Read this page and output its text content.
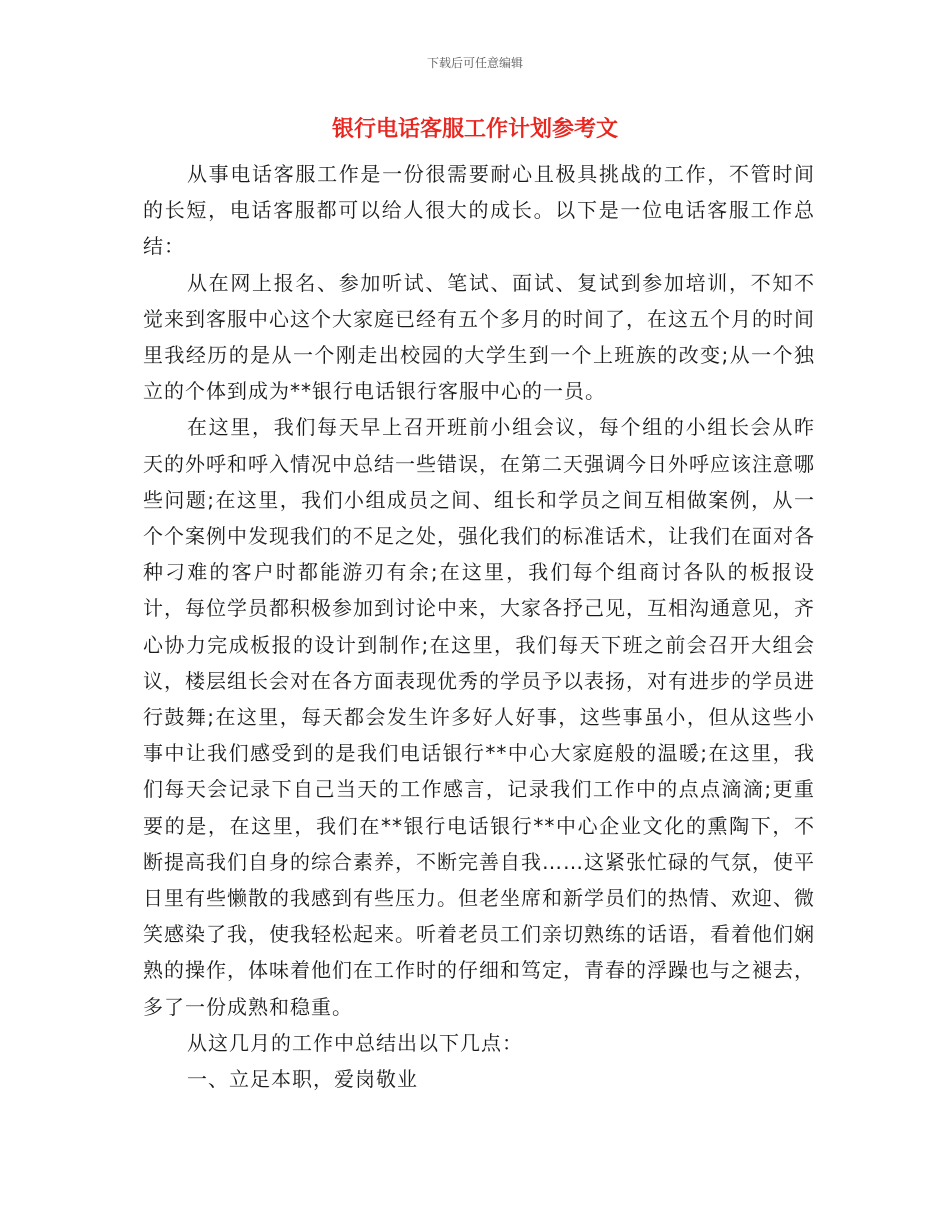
下载后可任意编辑
银行电话客服工作计划参考文

从事电话客服工作是一份很需要耐心且极具挑战的工作，不管时间的长短，电话客服都可以给人很大的成长。以下是一位电话客服工作总结：

从在网上报名、参加听试、笔试、面试、复试到参加培训，不知不觉来到客服中心这个大家庭已经有五个多月的时间了，在这五个月的时间里我经历的是从一个刚走出校园的大学生到一个上班族的改变;从一个独立的个体到成为**银行电话银行客服中心的一员。

在这里，我们每天早上召开班前小组会议，每个组的小组长会从昨天的外呼和呼入情况中总结一些错误，在第二天强调今日外呼应该注意哪些问题;在这里，我们小组成员之间、组长和学员之间互相做案例，从一个个案例中发现我们的不足之处，强化我们的标准话术，让我们在面对各种刁难的客户时都能游刃有余;在这里，我们每个组商讨各队的板报设计，每位学员都积极参加到讨论中来，大家各抒己见，互相沟通意见，齐心协力完成板报的设计到制作;在这里，我们每天下班之前会召开大组会议，楼层组长会对在各方面表现优秀的学员予以表扬，对有进步的学员进行鼓舞;在这里，每天都会发生许多好人好事，这些事虽小，但从这些小事中让我们感受到的是我们电话银行**中心大家庭般的温暖;在这里，我们每天会记录下自己当天的工作感言，记录我们工作中的点点滴滴;更重要的是，在这里，我们在**银行电话银行**中心企业文化的熏陶下，不断提高我们自身的综合素养，不断完善自我……这紧张忙碌的气氛，使平日里有些懒散的我感到有些压力。但老坐席和新学员们的热情、欢迎、微笑感染了我，使我轻松起来。听着老员工们亲切熟练的话语，看着他们娴熟的操作，体味着他们在工作时的仔细和笃定，青春的浮躁也与之褪去，多了一份成熟和稳重。

从这几月的工作中总结出以下几点：

一、立足本职，爱岗敬业
